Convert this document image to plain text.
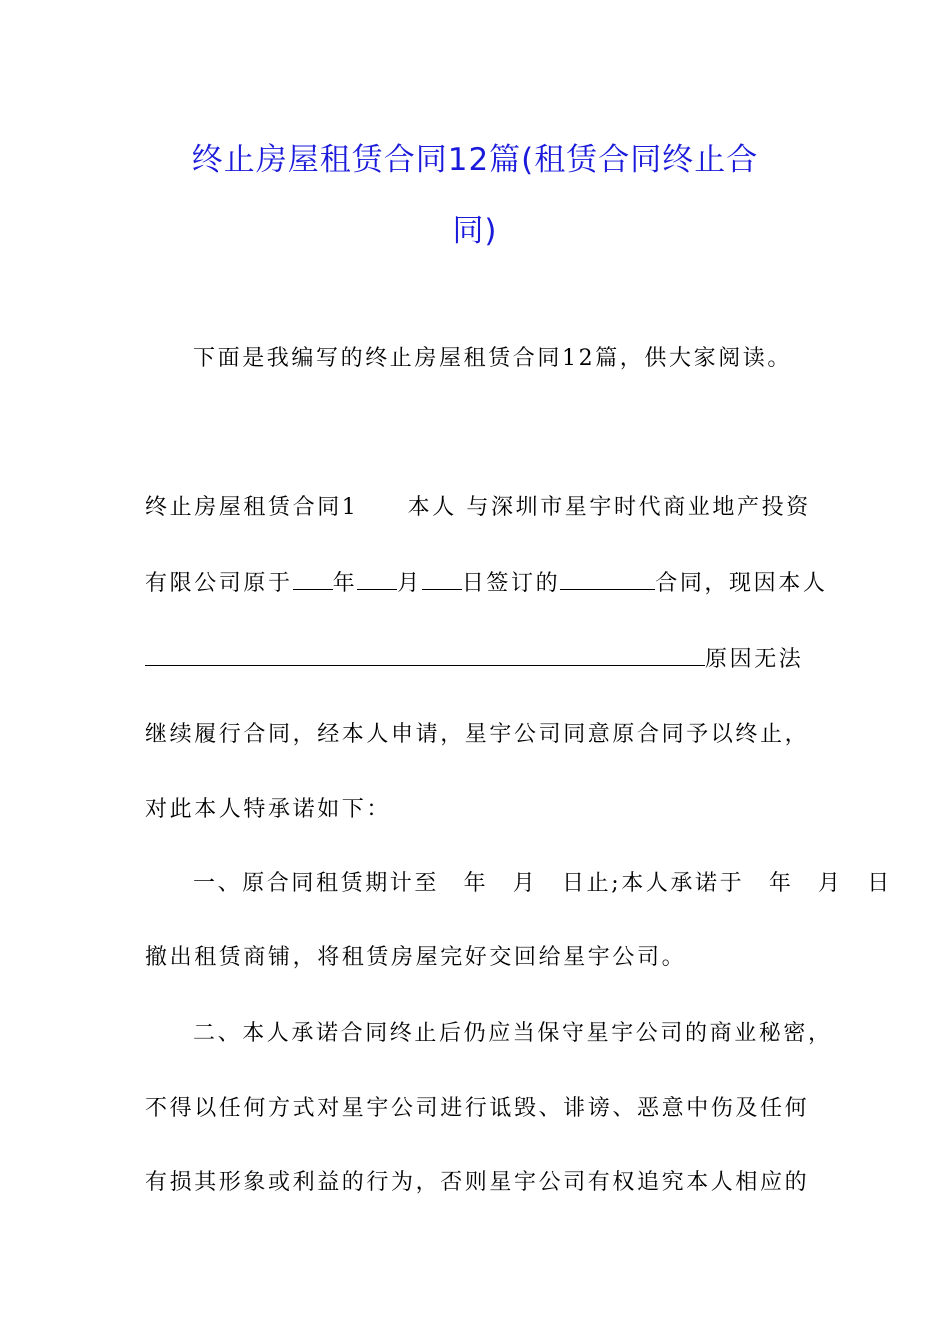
终止房屋租赁合同12篇(租赁合同终止合
同)
下面是我编写的终止房屋租赁合同12篇，供大家阅读。
终止房屋租赁合同1　　本人 与深圳市星宇时代商业地产投资
有限公司原于 年 月 日签订的	合同，现因本人
原因无法
继续履行合同，经本人申请，星宇公司同意原合同予以终止，
对此本人特承诺如下：
一、原合同租赁期计至　年　月　日止;本人承诺于　年　月　日
撤出租赁商铺，将租赁房屋完好交回给星宇公司。
二、本人承诺合同终止后仍应当保守星宇公司的商业秘密，
不得以任何方式对星宇公司进行诋毁、诽谤、恶意中伤及任何
有损其形象或利益的行为，否则星宇公司有权追究本人相应的
